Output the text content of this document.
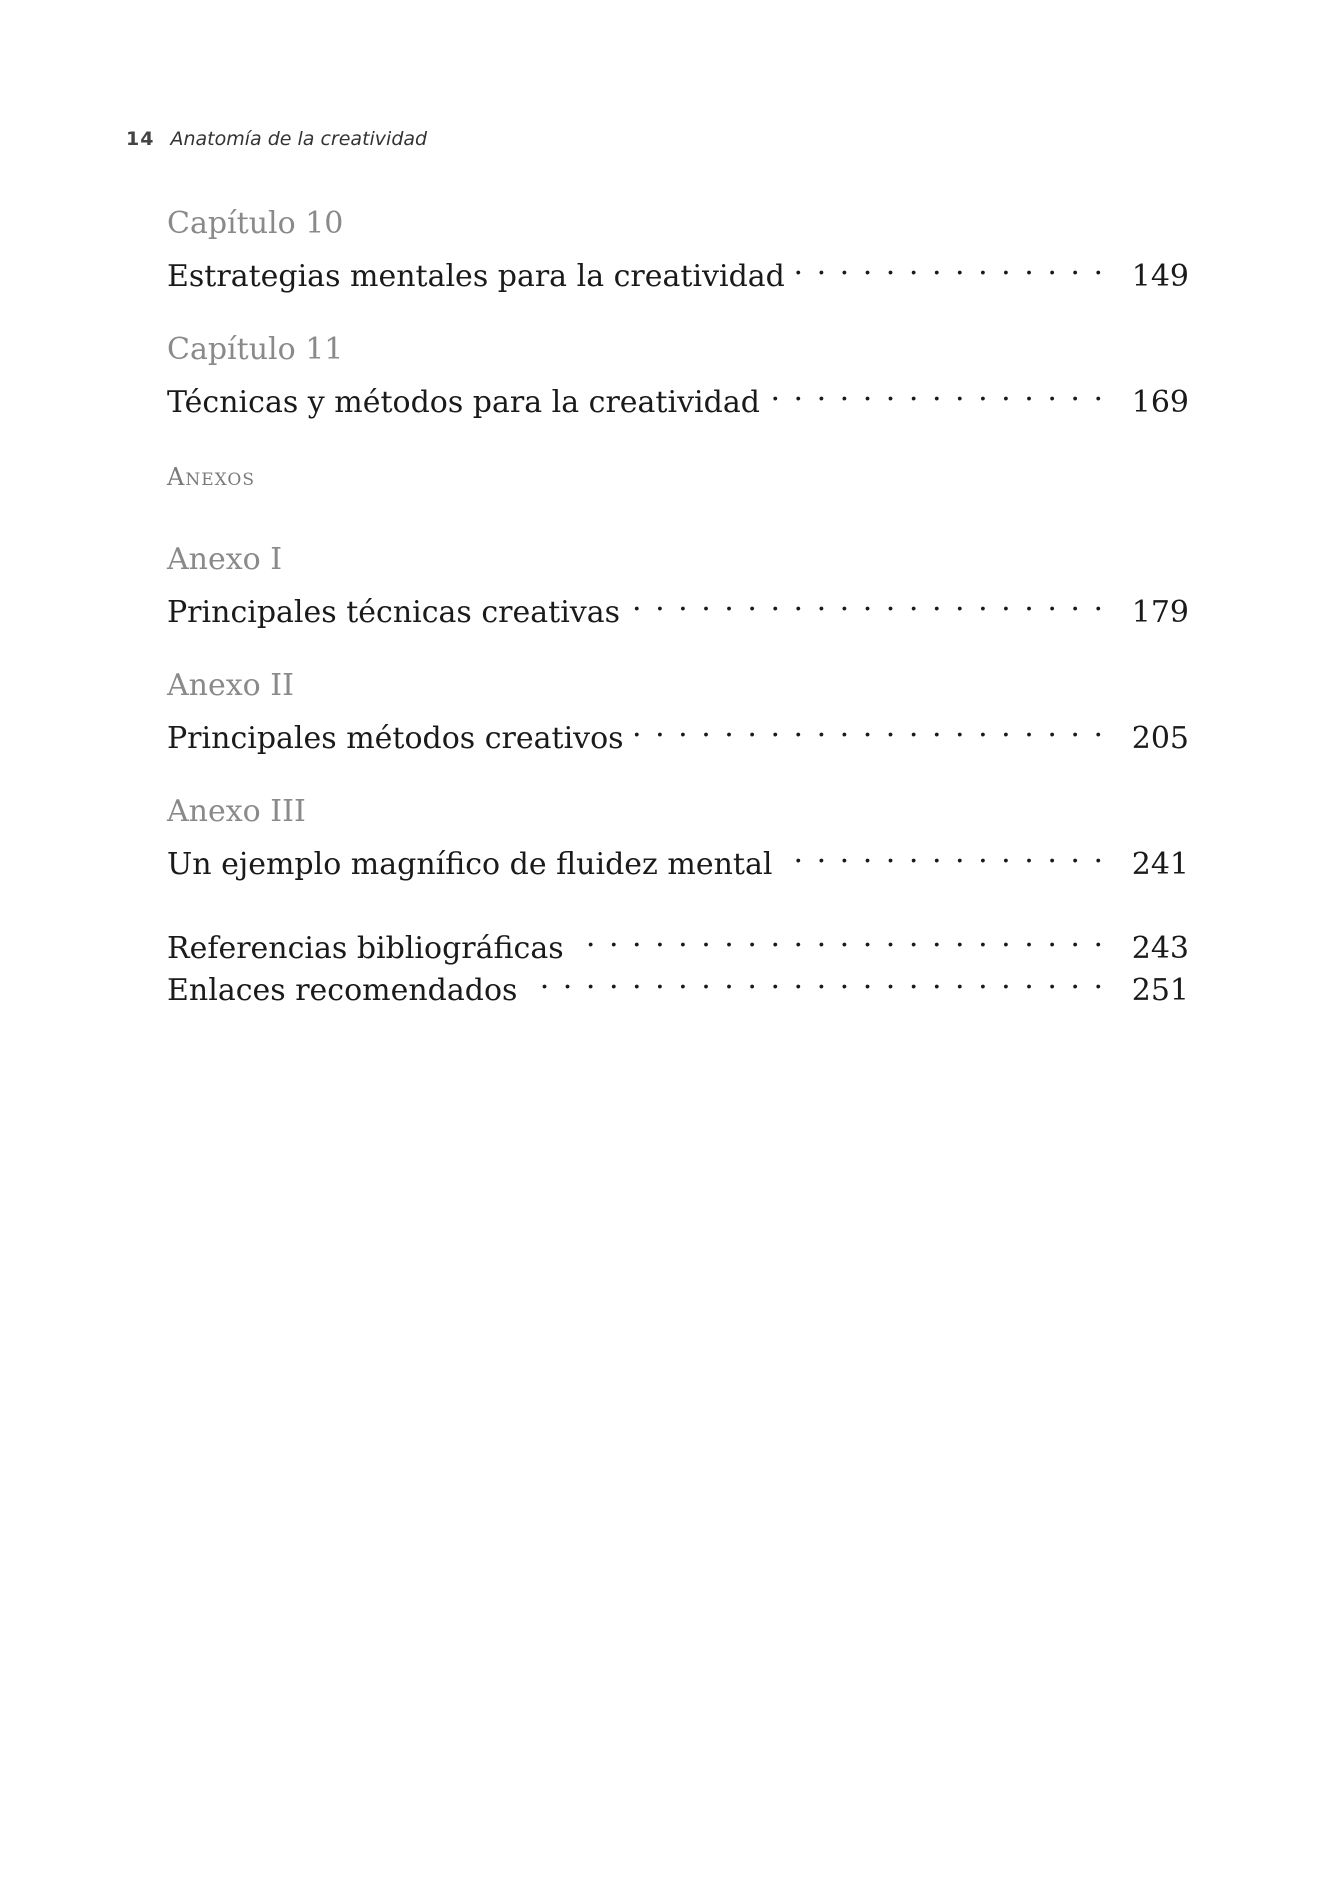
14 Anatomía de la creatividad
Capítulo 10
Estrategias mentales para la creatividad . . .	149
Capítulo 11
Técnicas y métodos para la creatividad . . .	169
Anexos
Anexo I
Principales técnicas creativas . . .	179
Anexo II
Principales métodos creativos . . .	205
Anexo III
Un ejemplo magnífico de fluidez mental . . .	241
Referencias bibliográficas . . .	243
Enlaces recomendados . . .	251
